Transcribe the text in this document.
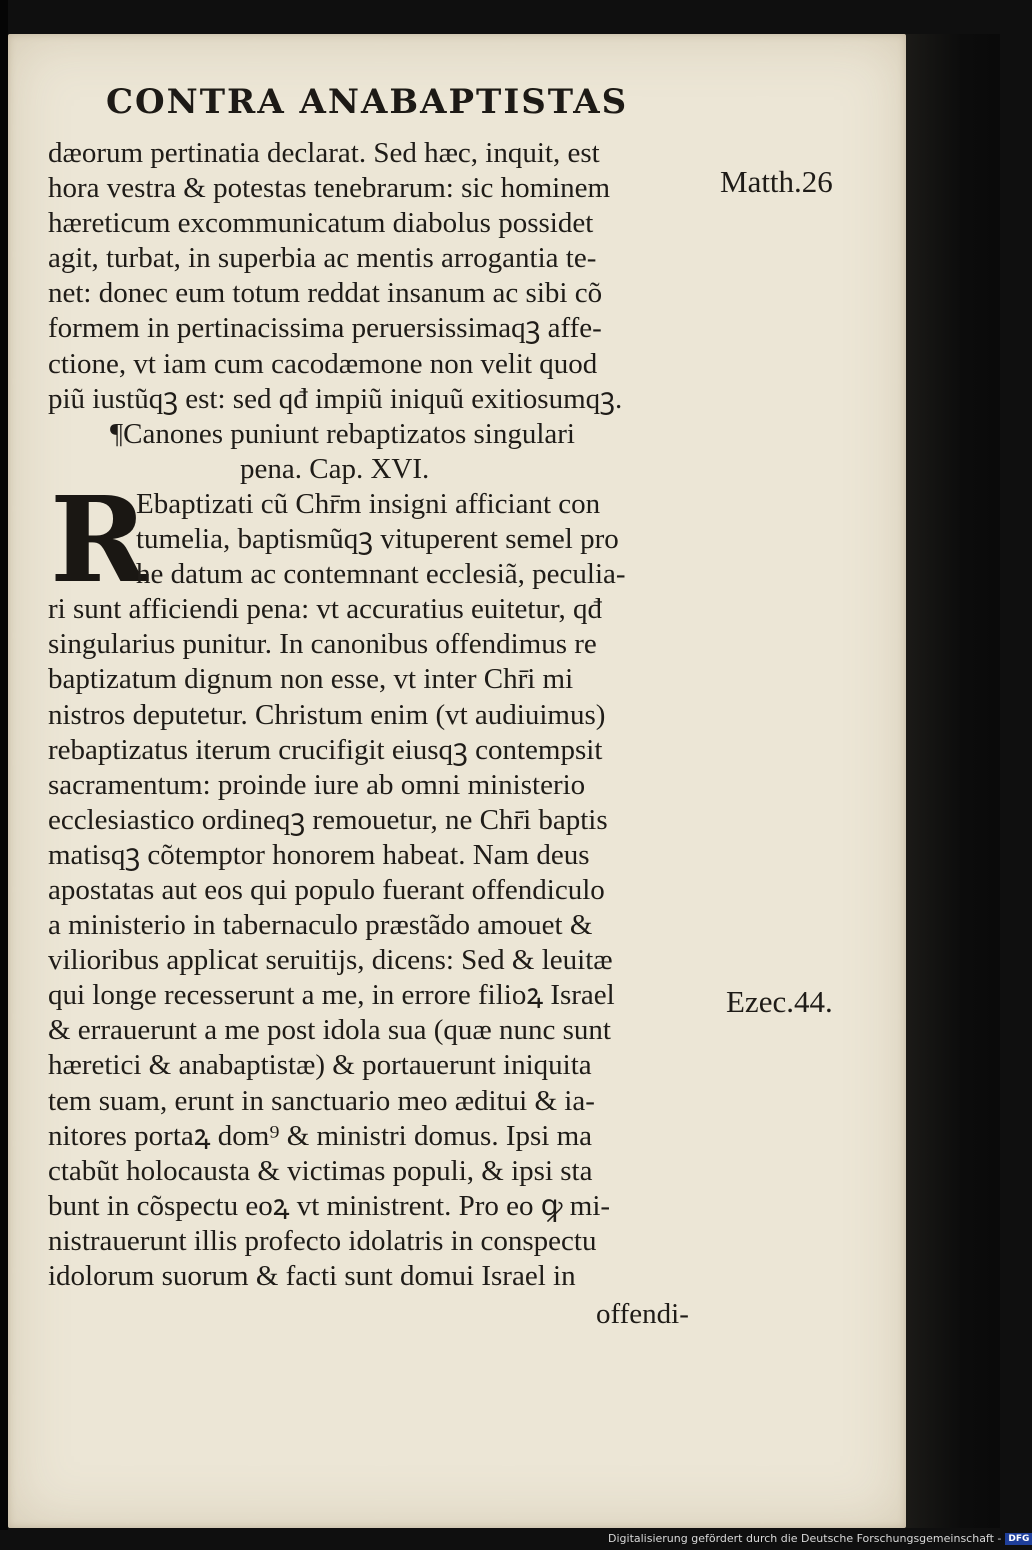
CONTRA ANABAPTISTAS
R
dæorum pertinatia declarat. Sed hæc, inquit, est
hora vestra & potestas tenebrarum: sic hominem
hæreticum excommunicatum diabolus possidet
agit, turbat, in superbia ac mentis arrogantia te-
net: donec eum totum reddat insanum ac sibi cõ
formem in pertinacissima peruersissimaqꝫ affe-
ctione, vt iam cum cacodæmone non velit quod
piũ iustũqꝫ est: sed qđ impiũ iniquũ exitiosumqꝫ.
¶Canones puniunt rebaptizatos singulari
pena. Cap. XVI.
Ebaptizati cũ Chr̄m insigni afficiant con
tumelia, baptismũqꝫ vituperent semel pro
he datum ac contemnant ecclesiã, peculia-
ri sunt afficiendi pena: vt accuratius euitetur, qđ
singularius punitur. In canonibus offendimus re
baptizatum dignum non esse, vt inter Chr̄i mi
nistros deputetur. Christum enim (vt audiuimus)
rebaptizatus iterum crucifigit eiusqꝫ contempsit
sacramentum: proinde iure ab omni ministerio
ecclesiastico ordineqꝫ remouetur, ne Chr̄i baptis
matisqꝫ cõtemptor honorem habeat. Nam deus
apostatas aut eos qui populo fuerant offendiculo
a ministerio in tabernaculo præstãdo amouet &
vilioribus applicat seruitijs, dicens: Sed & leuitæ
qui longe recesserunt a me, in errore filioꝝ Israel
& errauerunt a me post idola sua (quæ nunc sunt
hæretici & anabaptistæ) & portauerunt iniquita
tem suam, erunt in sanctuario meo æditui & ia-
nitores portaꝝ dom⁹ & ministri domus. Ipsi ma
ctabũt holocausta & victimas populi, & ipsi sta
bunt in cõspectu eoꝝ vt ministrent. Pro eo ꝙ mi-
nistrauerunt illis profecto idolatris in conspectu
idolorum suorum & facti sunt domui Israel in
offendi-
Matth.26
Ezec.44.
Digitalisierung gefördert durch die Deutsche Forschungsgemeinschaft - DFG
